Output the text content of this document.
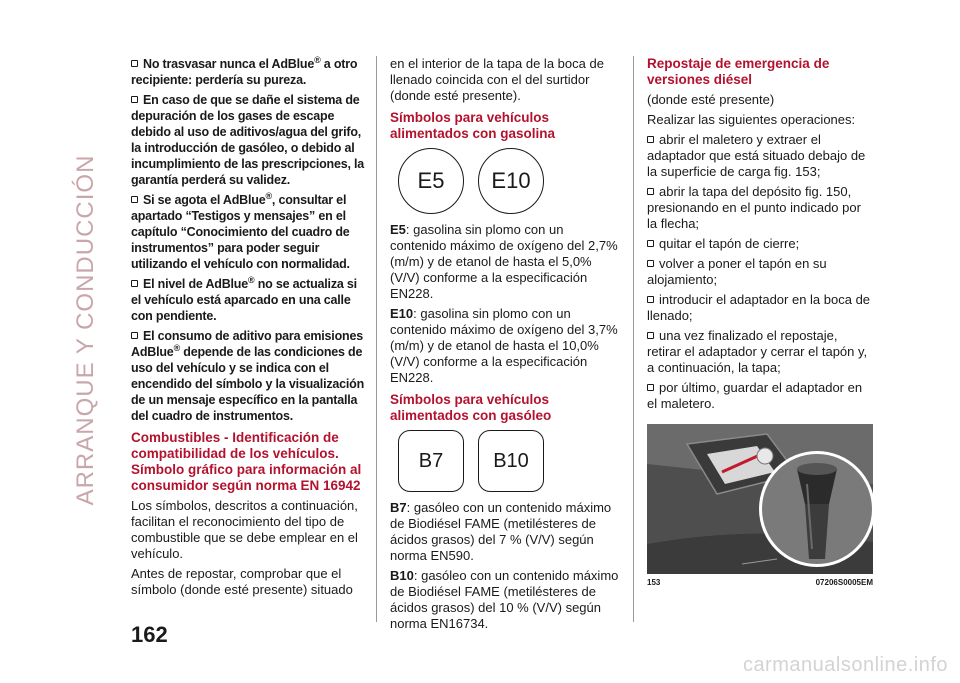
ARRANQUE Y CONDUCCIÓN

No trasvasar nunca el AdBlue® a otro recipiente: perdería su pureza.

En caso de que se dañe el sistema de depuración de los gases de escape debido al uso de aditivos/agua del grifo, la introducción de gasóleo, o debido al incumplimiento de las prescripciones, la garantía perderá su validez.

Si se agota el AdBlue®, consultar el apartado “Testigos y mensajes” en el capítulo “Conocimiento del cuadro de instrumentos” para poder seguir utilizando el vehículo con normalidad.

El nivel de AdBlue® no se actualiza si el vehículo está aparcado en una calle con pendiente.

El consumo de aditivo para emisiones AdBlue® depende de las condiciones de uso del vehículo y se indica con el encendido del símbolo y la visualización de un mensaje específico en la pantalla del cuadro de instrumentos.

Combustibles - Identificación de compatibilidad de los vehículos. Símbolo gráfico para información al consumidor según norma EN 16942

Los símbolos, descritos a continuación, facilitan el reconocimiento del tipo de combustible que se debe emplear en el vehículo.

Antes de repostar, comprobar que el símbolo (donde esté presente) situado

en el interior de la tapa de la boca de llenado coincida con el del surtidor (donde esté presente).

Símbolos para vehículos alimentados con gasolina
E5	E10

E5: gasolina sin plomo con un contenido máximo de oxígeno del 2,7% (m/m) y de etanol de hasta el 5,0% (V/V) conforme a la especificación EN228.

E10: gasolina sin plomo con un contenido máximo de oxígeno del 3,7% (m/m) y de etanol de hasta el 10,0% (V/V) conforme a la especificación EN228.

Símbolos para vehículos alimentados con gasóleo
B7	B10

B7: gasóleo con un contenido máximo de Biodiésel FAME (metilésteres de ácidos grasos) del 7 % (V/V) según norma EN590.

B10: gasóleo con un contenido máximo de Biodiésel FAME (metilésteres de ácidos grasos) del 10 % (V/V) según norma EN16734.

Repostaje de emergencia de versiones diésel

(donde esté presente)

Realizar las siguientes operaciones:

abrir el maletero y extraer el adaptador que está situado debajo de la superficie de carga fig. 153;

abrir la tapa del depósito fig. 150, presionando en el punto indicado por la flecha;

quitar el tapón de cierre;

volver a poner el tapón en su alojamiento;

introducir el adaptador en la boca de llenado;

una vez finalizado el repostaje, retirar el adaptador y cerrar el tapón y, a continuación, la tapa;

por último, guardar el adaptador en el maletero.

153	07206S0005EM
162
carmanualsonline.info
